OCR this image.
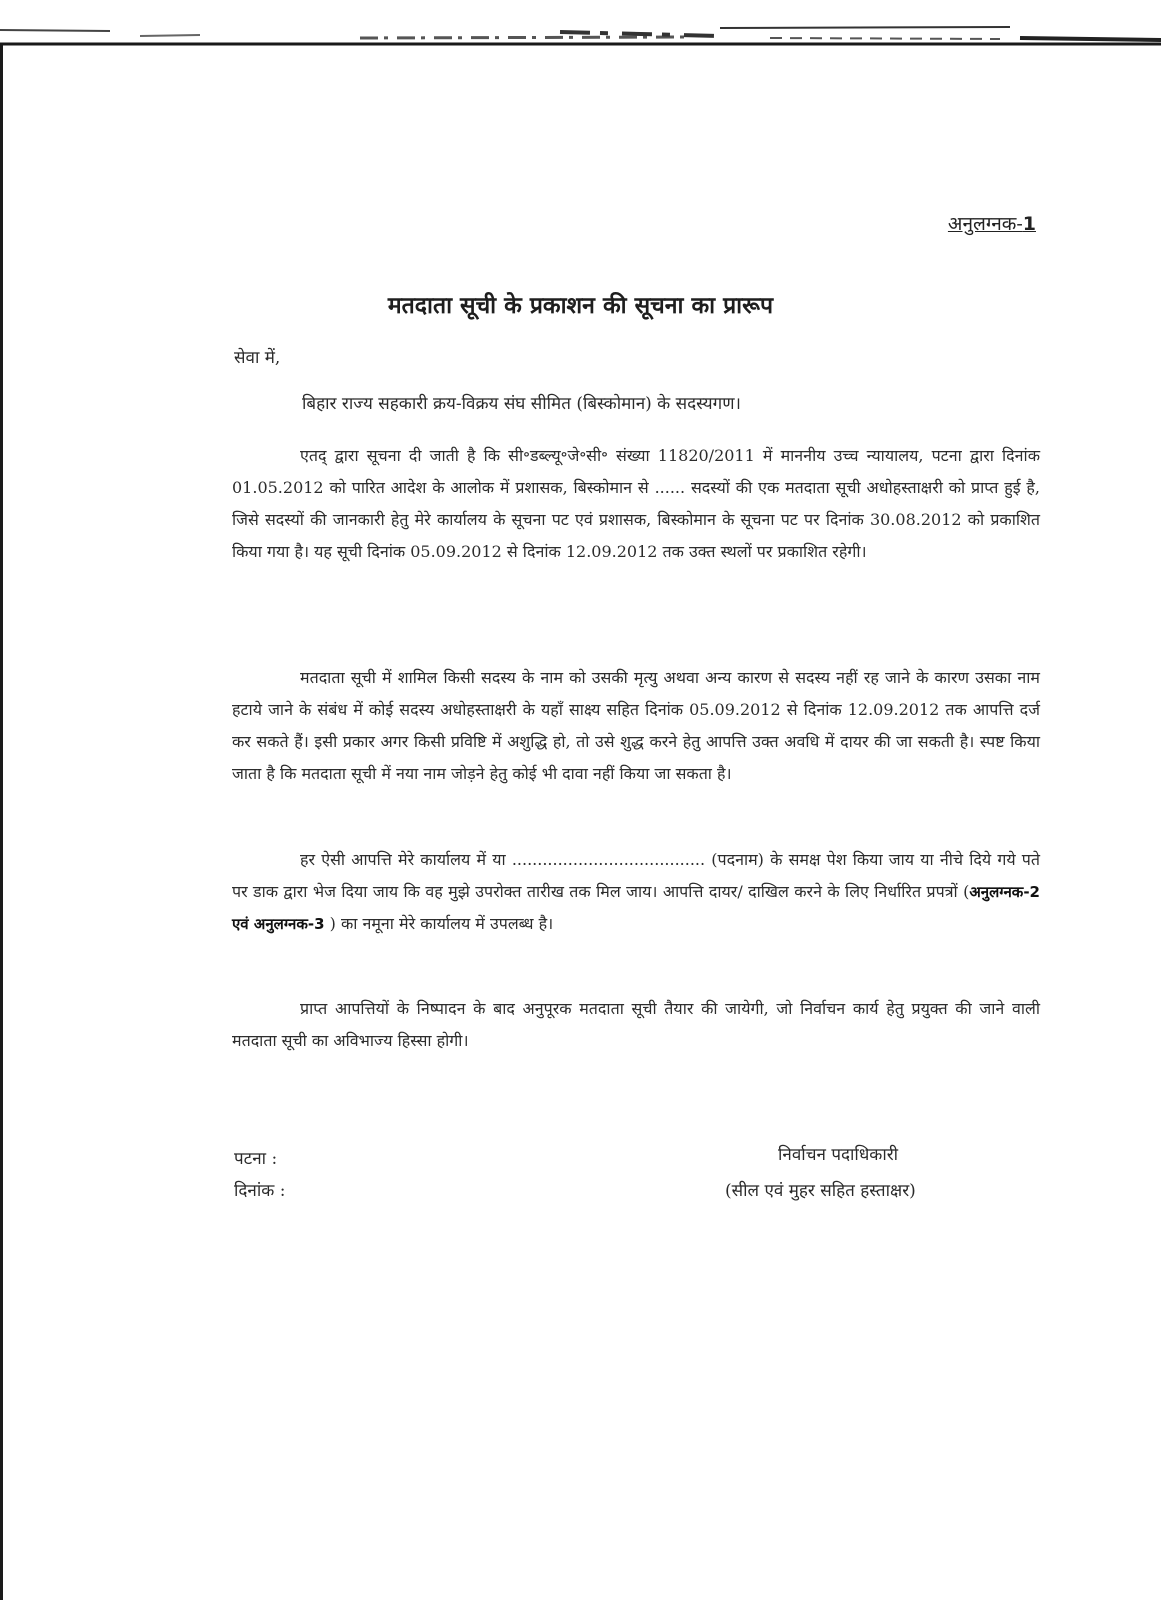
अनुलग्नक-1
मतदाता सूची के प्रकाशन की सूचना का प्रारूप
सेवा में,
बिहार राज्य सहकारी क्रय-विक्रय संघ सीमित (बिस्कोमान) के सदस्यगण।

एतद् द्वारा सूचना दी जाती है कि सी॰डब्ल्यू॰जे॰सी॰ संख्या 11820/2011 में माननीय उच्च न्यायालय, पटना द्वारा दिनांक 01.05.2012 को पारित आदेश के आलोक में प्रशासक, बिस्कोमान से ...... सदस्यों की एक मतदाता सूची अधोहस्ताक्षरी को प्राप्त हुई है, जिसे सदस्यों की जानकारी हेतु मेरे कार्यालय के सूचना पट एवं प्रशासक, बिस्कोमान के सूचना पट पर दिनांक 30.08.2012 को प्रकाशित किया गया है। यह सूची दिनांक 05.09.2012 से दिनांक 12.09.2012 तक उक्त स्थलों पर प्रकाशित रहेगी।

मतदाता सूची में शामिल किसी सदस्य के नाम को उसकी मृत्यु अथवा अन्य कारण से सदस्य नहीं रह जाने के कारण उसका नाम हटाये जाने के संबंध में कोई सदस्य अधोहस्ताक्षरी के यहाँ साक्ष्य सहित दिनांक 05.09.2012 से दिनांक 12.09.2012 तक आपत्ति दर्ज कर सकते हैं। इसी प्रकार अगर किसी प्रविष्टि में अशुद्धि हो, तो उसे शुद्ध करने हेतु आपत्ति उक्त अवधि में दायर की जा सकती है। स्पष्ट किया जाता है कि मतदाता सूची में नया नाम जोड़ने हेतु कोई भी दावा नहीं किया जा सकता है।

हर ऐसी आपत्ति मेरे कार्यालय में या ...................................... (पदनाम) के समक्ष पेश किया जाय या नीचे दिये गये पते पर डाक द्वारा भेज दिया जाय कि वह मुझे उपरोक्त तारीख तक मिल जाय। आपत्ति दायर/ दाखिल करने के लिए निर्धारित प्रपत्रों (अनुलग्नक-2 एवं अनुलग्नक-3 ) का नमूना मेरे कार्यालय में उपलब्ध है।

प्राप्त आपत्तियों के निष्पादन के बाद अनुपूरक मतदाता सूची तैयार की जायेगी, जो निर्वाचन कार्य हेतु प्रयुक्त की जाने वाली मतदाता सूची का अविभाज्य हिस्सा होगी।

पटना :
दिनांक :
निर्वाचन पदाधिकारी
(सील एवं मुहर सहित हस्ताक्षर)
